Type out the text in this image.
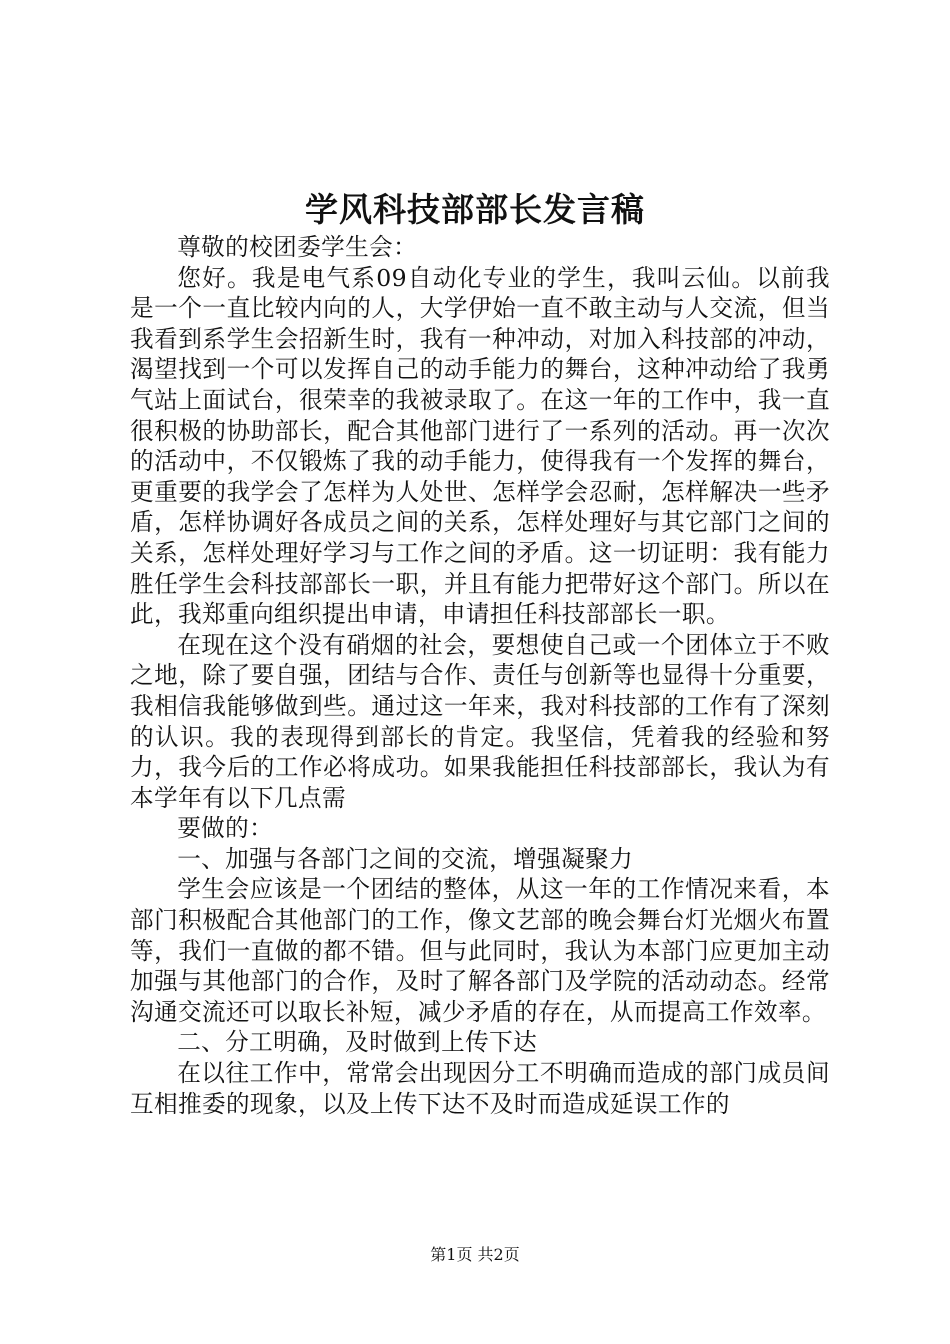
学风科技部部长发言稿

尊敬的校团委学生会：

您好。我是电气系09自动化专业的学生，我叫云仙。以前我是一个一直比较内向的人，大学伊始一直不敢主动与人交流，但当我看到系学生会招新生时，我有一种冲动，对加入科技部的冲动，渴望找到一个可以发挥自己的动手能力的舞台，这种冲动给了我勇气站上面试台，很荣幸的我被录取了。在这一年的工作中，我一直很积极的协助部长，配合其他部门进行了一系列的活动。再一次次的活动中，不仅锻炼了我的动手能力，使得我有一个发挥的舞台，更重要的我学会了怎样为人处世、怎样学会忍耐，怎样解决一些矛盾，怎样协调好各成员之间的关系，怎样处理好与其它部门之间的关系，怎样处理好学习与工作之间的矛盾。这一切证明：我有能力胜任学生会科技部部长一职，并且有能力把带好这个部门。所以在此，我郑重向组织提出申请，申请担任科技部部长一职。

在现在这个没有硝烟的社会，要想使自己或一个团体立于不败之地，除了要自强，团结与合作、责任与创新等也显得十分重要，我相信我能够做到些。通过这一年来，我对科技部的工作有了深刻的认识。我的表现得到部长的肯定。我坚信，凭着我的经验和努力，我今后的工作必将成功。如果我能担任科技部部长，我认为有本学年有以下几点需

要做的：

一、加强与各部门之间的交流，增强凝聚力

学生会应该是一个团结的整体，从这一年的工作情况来看，本部门积极配合其他部门的工作，像文艺部的晚会舞台灯光烟火布置等，我们一直做的都不错。但与此同时，我认为本部门应更加主动加强与其他部门的合作，及时了解各部门及学院的活动动态。经常沟通交流还可以取长补短，减少矛盾的存在，从而提高工作效率。

二、分工明确，及时做到上传下达

在以往工作中，常常会出现因分工不明确而造成的部门成员间互相推委的现象，以及上传下达不及时而造成延误工作的

第1页 共2页
